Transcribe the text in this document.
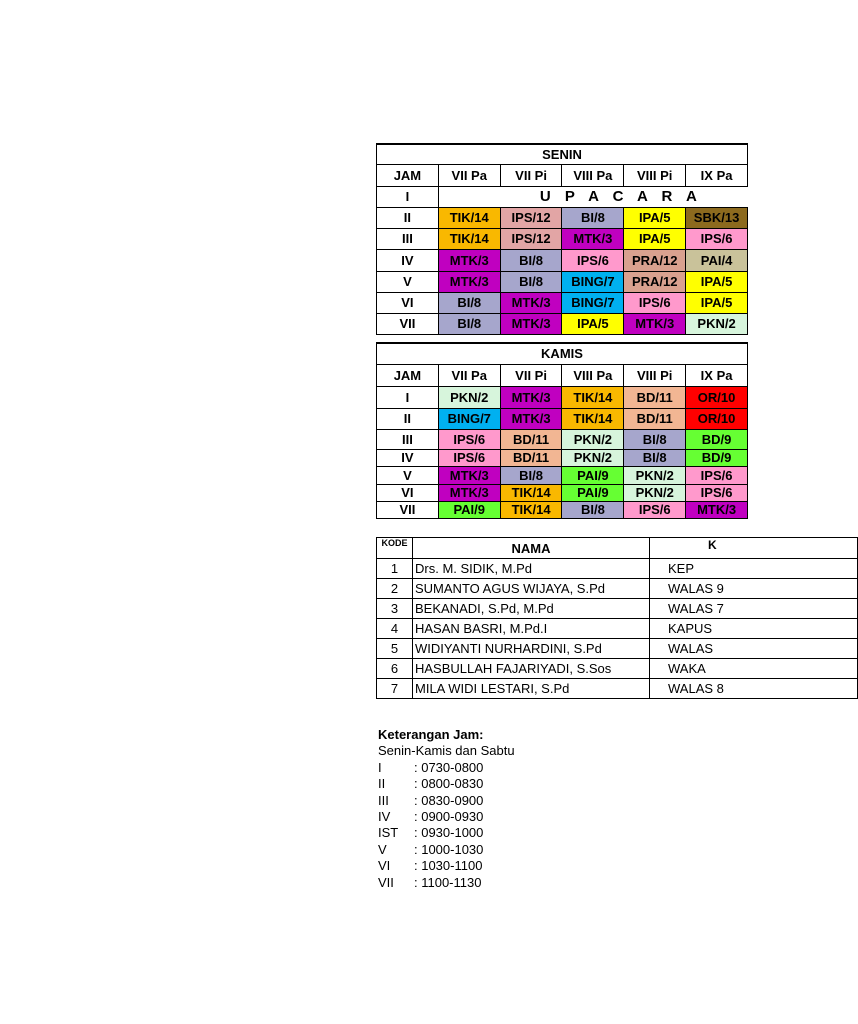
SENIN					
JAM	VII Pa	VII Pi	VIII Pa	VIII Pi	IX Pa
I	U P A C A R A				
II	TIK/14	IPS/12	BI/8	IPA/5	SBK/13
III	TIK/14	IPS/12	MTK/3	IPA/5	IPS/6
IV	MTK/3	BI/8	IPS/6	PRA/12	PAI/4
V	MTK/3	BI/8	BING/7	PRA/12	IPA/5
VI	BI/8	MTK/3	BING/7	IPS/6	IPA/5
VII	BI/8	MTK/3	IPA/5	MTK/3	PKN/2
KAMIS					
JAM	VII Pa	VII Pi	VIII Pa	VIII Pi	IX Pa
I	PKN/2	MTK/3	TIK/14	BD/11	OR/10
II	BING/7	MTK/3	TIK/14	BD/11	OR/10
III	IPS/6	BD/11	PKN/2	BI/8	BD/9
IV	IPS/6	BD/11	PKN/2	BI/8	BD/9
V	MTK/3	BI/8	PAI/9	PKN/2	IPS/6
VI	MTK/3	TIK/14	PAI/9	PKN/2	IPS/6
VII	PAI/9	TIK/14	BI/8	IPS/6	MTK/3
KODE	NAMA	K
1	Drs. M. SIDIK, M.Pd	KEP
2	SUMANTO AGUS WIJAYA, S.Pd	WALAS 9
3	BEKANADI, S.Pd, M.Pd	WALAS 7
4	HASAN BASRI, M.Pd.I	KAPUS
5	WIDIYANTI NURHARDINI, S.Pd	WALAS
6	HASBULLAH FAJARIYADI, S.Sos	WAKA
7	MILA WIDI LESTARI, S.Pd	WALAS 8
Keterangan Jam:
Senin-Kamis dan Sabtu
I : 0730-0800
II : 0800-0830
III : 0830-0900
IV : 0900-0930
IST : 0930-1000
V : 1000-1030
VI : 1030-1100
VII : 1100-1130
